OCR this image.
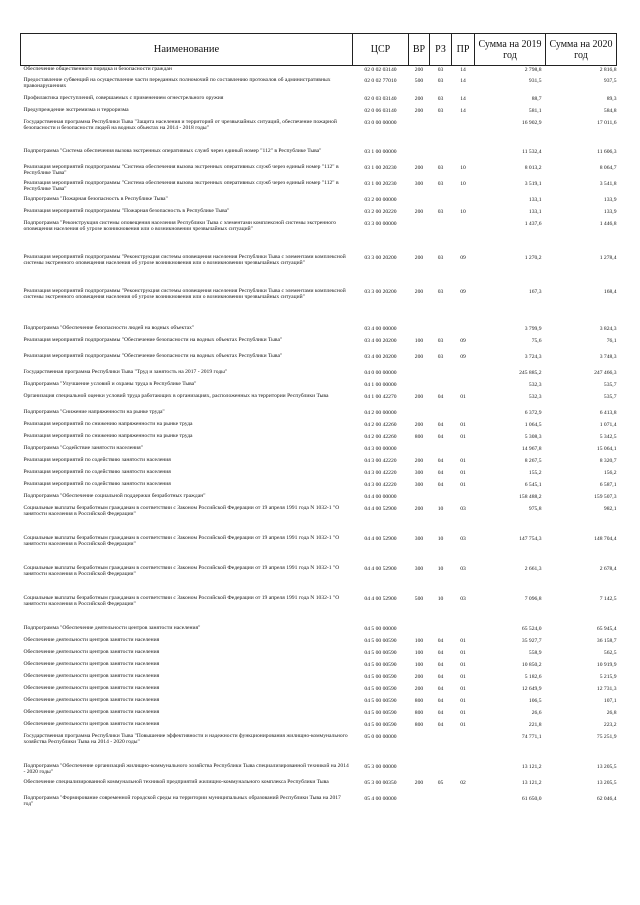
Наименование	ЦСР	ВР	РЗ	ПР	Сумма на 2019 год	Сумма на 2020 год
Обеспечение общественного порядка и безопасности граждан	02 0 02 03140	200	03	14	2 798,8	2 816,8
Предоставление субвенций на осуществление части переданных полномочий по составлению протоколов об административных правонарушениях	02 0 02 77010	500	03	14	931,5	937,5
Профилактика преступлений, совершаемых с применением огнестрельного оружия	02 0 03 03140	200	03	14	88,7	89,3
Предупреждение экстремизма и терроризма	02 0 06 03140	200	03	14	581,1	584,8
Государственная программа Республики Тыва "Защита населения и территорий от чрезвычайных ситуаций, обеспечение пожарной безопасности и безопасности людей на водных объектах на 2014 - 2018 годы"	03 0 00 00000				16 902,9	17 011,6
Подпрограмма "Система обеспечения вызова экстренных оперативных служб через единый номер "112" в Республике Тыва"	03 1 00 00000				11 532,4	11 606,3
Реализация мероприятий подпрограммы "Система обеспечения вызова экстренных оперативных служб через единый номер "112" в Республике Тыва"	03 1 00 20230	200	03	10	8 013,2	8 064,7
Реализация мероприятий подпрограммы "Система обеспечения вызова экстренных оперативных служб через единый номер "112" в Республике Тыва"	03 1 00 20230	300	03	10	3 519,1	3 541,8
Подпрограмма "Пожарная безопасность в Республике Тыва"	03 2 00 00000				133,1	133,9
Реализация мероприятий подпрограммы "Пожарная безопасность в Республике Тыва"	03 2 00 20220	200	03	10	133,1	133,9
Подпрограмма "Реконструкция системы оповещения населения Республики Тыва с элементами комплексной системы экстренного оповещения населения об угрозе возникновения или о возникновении чрезвычайных ситуаций"	03 3 00 00000				1 437,6	1 446,8
Реализация мероприятий подпрограммы "Реконструкция системы оповещения населения Республики Тыва с элементами комплексной системы экстренного оповещения населения об угрозе возникновения или о возникновении чрезвычайных ситуаций"	03 3 00 20200	200	03	09	1 270,2	1 278,4
Реализация мероприятий подпрограммы "Реконструкция системы оповещения населения Республики Тыва с элементами комплексной системы экстренного оповещения населения об угрозе возникновения или о возникновении чрезвычайных ситуаций"	03 3 00 20200	200	03	09	167,3	168,4
Подпрограмма "Обеспечение безопасности людей на водных объектах"	03 4 00 00000				3 799,9	3 824,3
Реализация мероприятий подпрограммы "Обеспечение безопасности на водных объектах Республики Тыва"	03 4 00 20200	100	03	09	75,6	76,1
Реализация мероприятий подпрограммы "Обеспечение безопасности на водных объектах Республики Тыва"	03 4 00 20200	200	03	09	3 724,3	3 748,3
Государственная программа Республики Тыва "Труд и занятость на 2017 - 2019 годы"	04 0 00 00000				245 885,2	247 466,3
Подпрограмма "Улучшение условий и охраны труда в Республике Тыва"	04 1 00 00000				532,3	535,7
Организация специальной оценки условий труда работающих в организациях, расположенных на территории Республики Тыва	04 1 00 42270	200	04	01	532,3	535,7
Подпрограмма "Снижение напряженности на рынке труда"	04 2 00 00000				6 372,9	6 413,8
Реализация мероприятий по снижению напряженности на рынке труда	04 2 00 42260	200	04	01	1 064,5	1 071,4
Реализация мероприятий по снижению напряженности на рынке труда	04 2 00 42260	800	04	01	5 308,3	5 342,5
Подпрограмма "Содействие занятости населения"	04 3 00 00000				14 967,8	15 064,1
Реализация мероприятий по содействию занятости населения	04 3 00 42220	200	04	01	8 267,5	8 320,7
Реализация мероприятий по содействию занятости населения	04 3 00 42220	300	04	01	155,2	156,2
Реализация мероприятий по содействию занятости населения	04 3 00 42220	300	04	01	6 545,1	6 587,1
Подпрограмма "Обеспечение социальной поддержки безработных граждан"	04 4 00 00000				158 488,2	159 507,3
Социальные выплаты безработным гражданам в соответствии с Законом Российской Федерации от 19 апреля 1991 года N 1032-1 "О занятости населения в Российской Федерации"	04 4 00 52900	200	10	03	975,8	982,1
Социальные выплаты безработным гражданам в соответствии с Законом Российской Федерации от 19 апреля 1991 года N 1032-1 "О занятости населения в Российской Федерации"	04 4 00 52900	300	10	03	147 754,3	148 704,4
Социальные выплаты безработным гражданам в соответствии с Законом Российской Федерации от 19 апреля 1991 года N 1032-1 "О занятости населения в Российской Федерации"	04 4 00 52900	300	10	03	2 661,3	2 678,4
Социальные выплаты безработным гражданам в соответствии с Законом Российской Федерации от 19 апреля 1991 года N 1032-1 "О занятости населения в Российской Федерации"	04 4 00 52900	500	10	03	7 096,8	7 142,5
Подпрограмма "Обеспечение деятельности центров занятости населения"	04 5 00 00000				65 524,0	65 945,4
Обеспечение деятельности центров занятости населения	04 5 00 00590	100	04	01	35 927,7	36 158,7
Обеспечение деятельности центров занятости населения	04 5 00 00590	100	04	01	558,9	562,5
Обеспечение деятельности центров занятости населения	04 5 00 00590	100	04	01	10 850,2	10 919,9
Обеспечение деятельности центров занятости населения	04 5 00 00590	200	04	01	5 182,6	5 215,9
Обеспечение деятельности центров занятости населения	04 5 00 00590	200	04	01	12 649,9	12 731,3
Обеспечение деятельности центров занятости населения	04 5 00 00590	800	04	01	106,5	107,1
Обеспечение деятельности центров занятости населения	04 5 00 00590	800	04	01	26,6	26,8
Обеспечение деятельности центров занятости населения	04 5 00 00590	800	04	01	221,8	223,2
Государственная программа Республики Тыва "Повышение эффективности и надежности функционирования жилищно-коммунального хозяйства Республики Тыва на 2014 - 2020 годы"	05 0 00 00000				74 771,1	75 251,9
Подпрограмма "Обеспечение организаций жилищно-коммунального хозяйства Республики Тыва специализированной техникой на 2014 - 2020 годы"	05 3 00 00000				13 121,2	13 205,5
Обеспечение специализированной коммунальной техникой предприятий жилищно-коммунального комплекса Республики Тыва	05 3 00 00350	200	05	02	13 121,2	13 205,5
Подпрограмма "Формирование современной городской среды на территории муниципальных образований Республики Тыва на 2017 год"	05 4 00 00000				61 650,0	62 046,4
